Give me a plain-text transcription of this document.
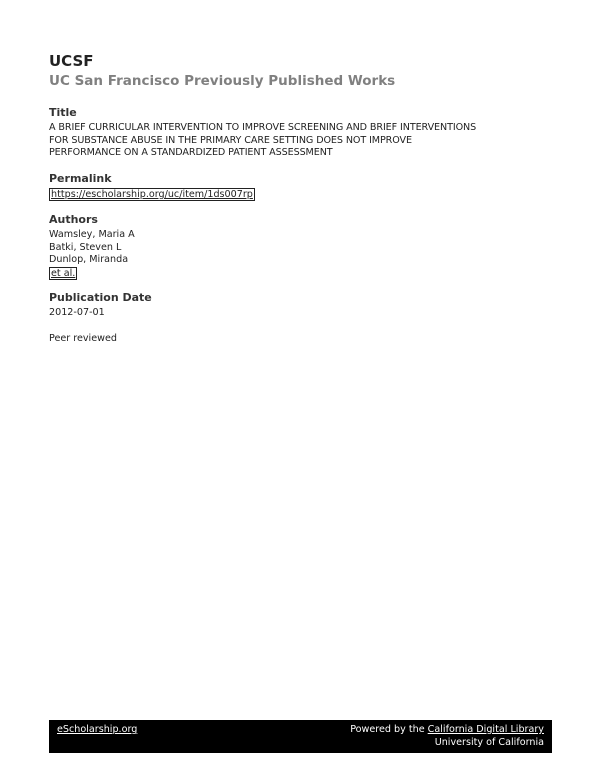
UCSF
UC San Francisco Previously Published Works
Title
A BRIEF CURRICULAR INTERVENTION TO IMPROVE SCREENING AND BRIEF INTERVENTIONS
FOR SUBSTANCE ABUSE IN THE PRIMARY CARE SETTING DOES NOT IMPROVE
PERFORMANCE ON A STANDARDIZED PATIENT ASSESSMENT
Permalink
https://escholarship.org/uc/item/1ds007rp
Authors
Wamsley, Maria A
Batki, Steven L
Dunlop, Miranda
et al.
Publication Date
2012-07-01
Peer reviewed
eScholarship.org	Powered by the California Digital Library
University of California
